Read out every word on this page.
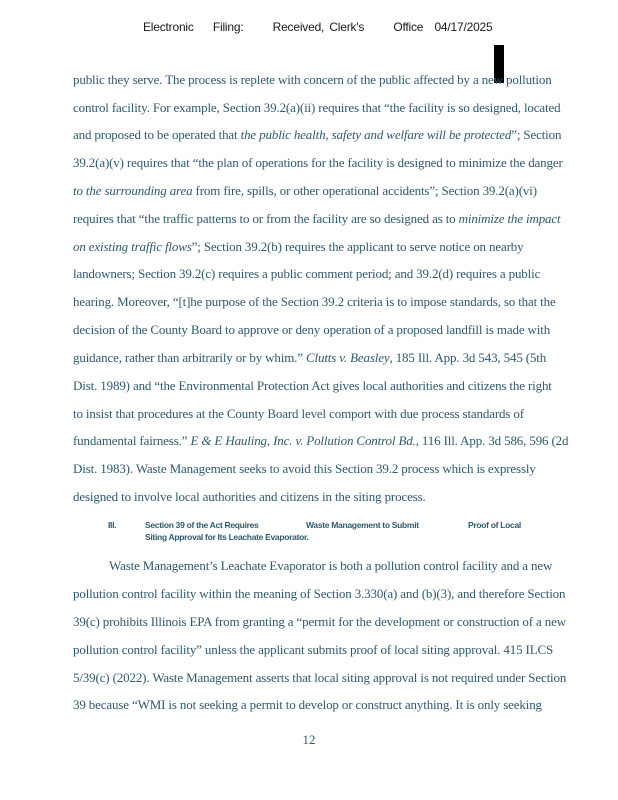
Electronic Filing: Received, Clerk's Office 04/17/2025
public they serve. The process is replete with concern of the public affected by a new pollution
control facility. For example, Section 39.2(a)(ii) requires that “the facility is so designed, located
and proposed to be operated that the public health, safety and welfare will be protected”; Section
39.2(a)(v) requires that “the plan of operations for the facility is designed to minimize the danger
to the surrounding area from fire, spills, or other operational accidents”; Section 39.2(a)(vi)
requires that “the traffic patterns to or from the facility are so designed as to minimize the impact
on existing traffic flows”; Section 39.2(b) requires the applicant to serve notice on nearby
landowners; Section 39.2(c) requires a public comment period; and 39.2(d) requires a public
hearing. Moreover, “[t]he purpose of the Section 39.2 criteria is to impose standards, so that the
decision of the County Board to approve or deny operation of a proposed landfill is made with
guidance, rather than arbitrarily or by whim.” Clutts v. Beasley, 185 Ill. App. 3d 543, 545 (5th
Dist. 1989) and “the Environmental Protection Act gives local authorities and citizens the right
to insist that procedures at the County Board level comport with due process standards of
fundamental fairness.” E & E Hauling, Inc. v. Pollution Control Bd., 116 Ill. App. 3d 586, 596 (2d
Dist. 1983). Waste Management seeks to avoid this Section 39.2 process which is expressly
designed to involve local authorities and citizens in the siting process.
III.	Section 39 of the Act Requires	Waste Management to Submit	Proof of Local
Siting Approval for Its Leachate Evaporator.
Waste Management’s Leachate Evaporator is both a pollution control facility and a new
pollution control facility within the meaning of Section 3.330(a) and (b)(3), and therefore Section
39(c) prohibits Illinois EPA from granting a “permit for the development or construction of a new
pollution control facility” unless the applicant submits proof of local siting approval. 415 ILCS
5/39(c) (2022). Waste Management asserts that local siting approval is not required under Section
39 because “WMI is not seeking a permit to develop or construct anything. It is only seeking
12
